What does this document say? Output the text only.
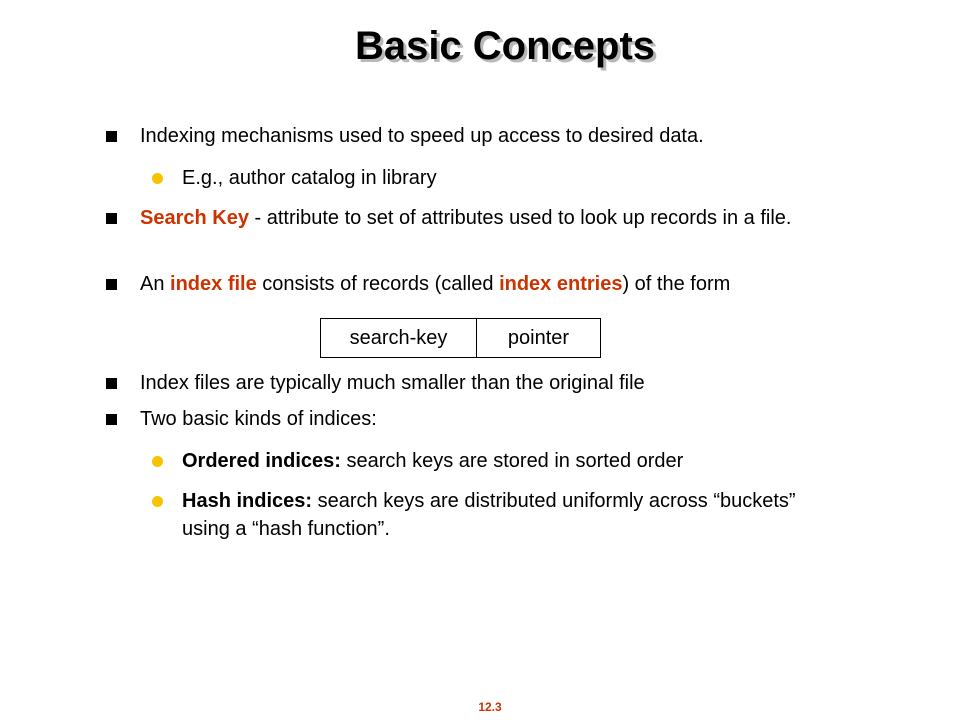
Basic Concepts
Indexing mechanisms used to speed up access to desired data.
E.g., author catalog in library
Search Key - attribute to set of attributes used to look up records in a file.
An index file consists of records (called index entries) of the form
search-key	pointer
Index files are typically much smaller than the original file
Two basic kinds of indices:
Ordered indices: search keys are stored in sorted order
Hash indices: search keys are distributed uniformly across “buckets” using a “hash function”.
12.3
